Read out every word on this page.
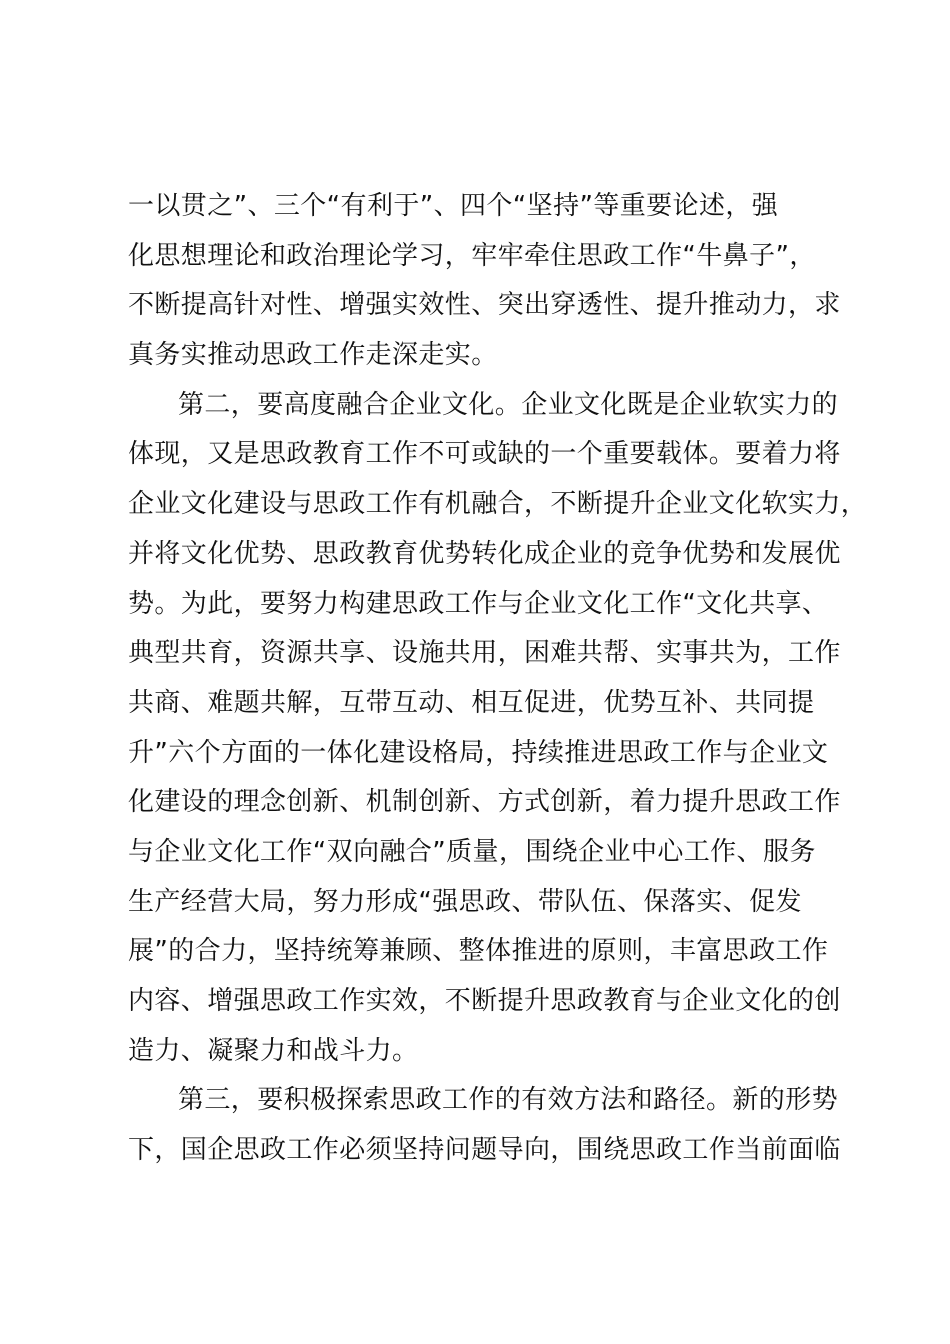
一以贯之”、三个“有利于”、四个“坚持”等重要论述，强
化思想理论和政治理论学习，牢牢牵住思政工作“牛鼻子”，
不断提高针对性、增强实效性、突出穿透性、提升推动力，求
真务实推动思政工作走深走实。
第二，要高度融合企业文化。企业文化既是企业软实力的
体现，又是思政教育工作不可或缺的一个重要载体。要着力将
企业文化建设与思政工作有机融合，不断提升企业文化软实力，
并将文化优势、思政教育优势转化成企业的竞争优势和发展优
势。为此，要努力构建思政工作与企业文化工作“文化共享、
典型共育，资源共享、设施共用，困难共帮、实事共为，工作
共商、难题共解，互带互动、相互促进，优势互补、共同提
升”六个方面的一体化建设格局，持续推进思政工作与企业文
化建设的理念创新、机制创新、方式创新，着力提升思政工作
与企业文化工作“双向融合”质量，围绕企业中心工作、服务
生产经营大局，努力形成“强思政、带队伍、保落实、促发
展”的合力，坚持统筹兼顾、整体推进的原则，丰富思政工作
内容、增强思政工作实效，不断提升思政教育与企业文化的创
造力、凝聚力和战斗力。
第三，要积极探索思政工作的有效方法和路径。新的形势
下，国企思政工作必须坚持问题导向，围绕思政工作当前面临
